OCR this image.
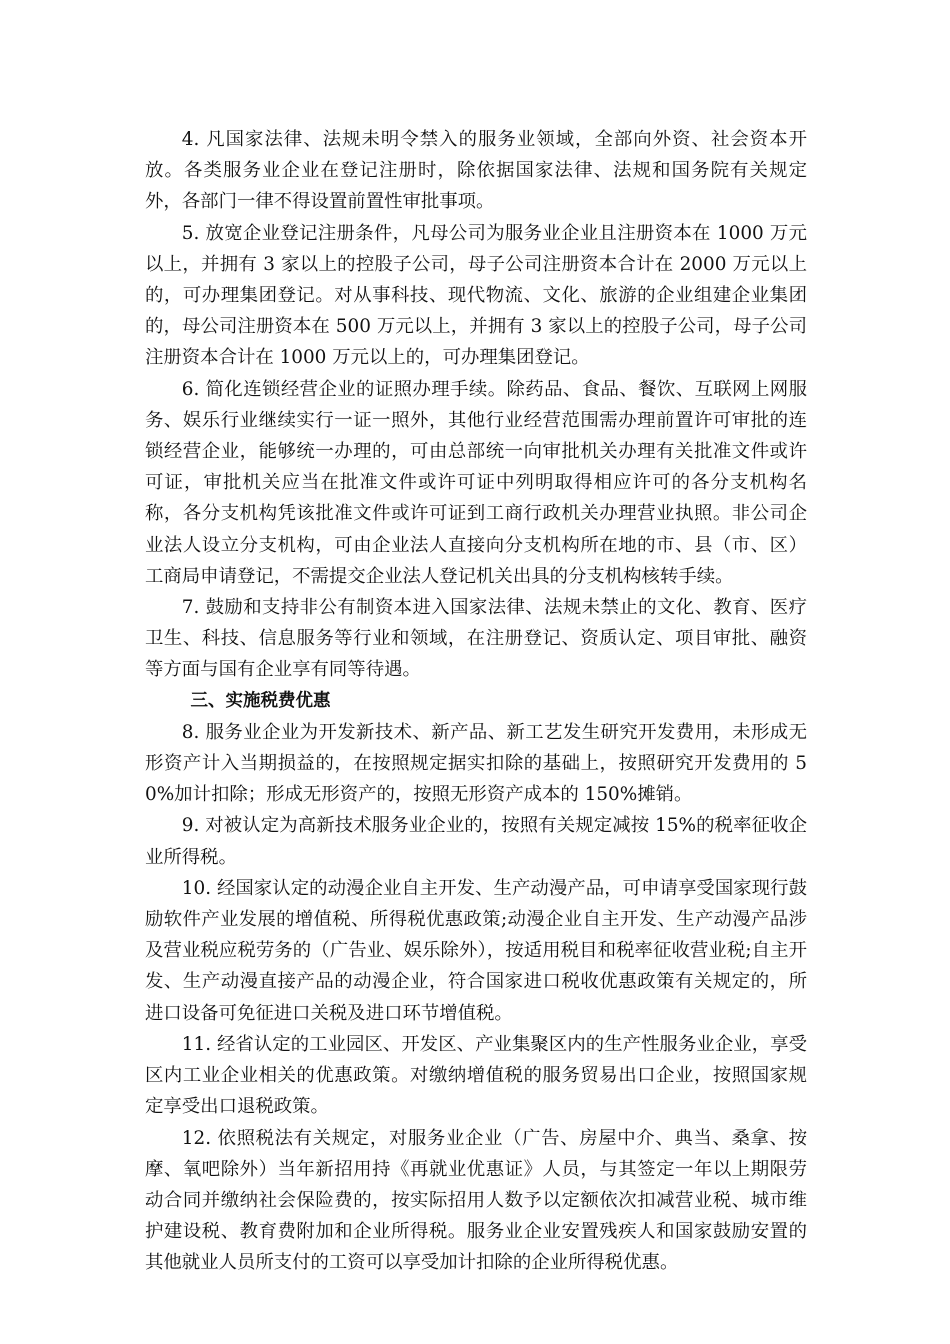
4. 凡国家法律、法规未明令禁入的服务业领域，全部向外资、社会资本开放。各类服务业企业在登记注册时，除依据国家法律、法规和国务院有关规定外，各部门一律不得设置前置性审批事项。

5. 放宽企业登记注册条件，凡母公司为服务业企业且注册资本在 1000 万元以上，并拥有 3 家以上的控股子公司，母子公司注册资本合计在 2000 万元以上的，可办理集团登记。对从事科技、现代物流、文化、旅游的企业组建企业集团的，母公司注册资本在 500 万元以上，并拥有 3 家以上的控股子公司，母子公司注册资本合计在 1000 万元以上的，可办理集团登记。

6. 简化连锁经营企业的证照办理手续。除药品、食品、餐饮、互联网上网服务、娱乐行业继续实行一证一照外，其他行业经营范围需办理前置许可审批的连锁经营企业，能够统一办理的，可由总部统一向审批机关办理有关批准文件或许可证，审批机关应当在批准文件或许可证中列明取得相应许可的各分支机构名称，各分支机构凭该批准文件或许可证到工商行政机关办理营业执照。非公司企业法人设立分支机构，可由企业法人直接向分支机构所在地的市、县（市、区）工商局申请登记，不需提交企业法人登记机关出具的分支机构核转手续。

7. 鼓励和支持非公有制资本进入国家法律、法规未禁止的文化、教育、医疗卫生、科技、信息服务等行业和领域，在注册登记、资质认定、项目审批、融资等方面与国有企业享有同等待遇。

三、实施税费优惠

8. 服务业企业为开发新技术、新产品、新工艺发生研究开发费用，未形成无形资产计入当期损益的，在按照规定据实扣除的基础上，按照研究开发费用的 50%加计扣除；形成无形资产的，按照无形资产成本的 150%摊销。

9. 对被认定为高新技术服务业企业的，按照有关规定减按 15%的税率征收企业所得税。

10. 经国家认定的动漫企业自主开发、生产动漫产品，可申请享受国家现行鼓励软件产业发展的增值税、所得税优惠政策;动漫企业自主开发、生产动漫产品涉及营业税应税劳务的（广告业、娱乐除外），按适用税目和税率征收营业税;自主开发、生产动漫直接产品的动漫企业，符合国家进口税收优惠政策有关规定的，所进口设备可免征进口关税及进口环节增值税。

11. 经省认定的工业园区、开发区、产业集聚区内的生产性服务业企业，享受区内工业企业相关的优惠政策。对缴纳增值税的服务贸易出口企业，按照国家规定享受出口退税政策。

12. 依照税法有关规定，对服务业企业（广告、房屋中介、典当、桑拿、按摩、氧吧除外）当年新招用持《再就业优惠证》人员，与其签定一年以上期限劳动合同并缴纳社会保险费的，按实际招用人数予以定额依次扣减营业税、城市维护建设税、教育费附加和企业所得税。服务业企业安置残疾人和国家鼓励安置的其他就业人员所支付的工资可以享受加计扣除的企业所得税优惠。
